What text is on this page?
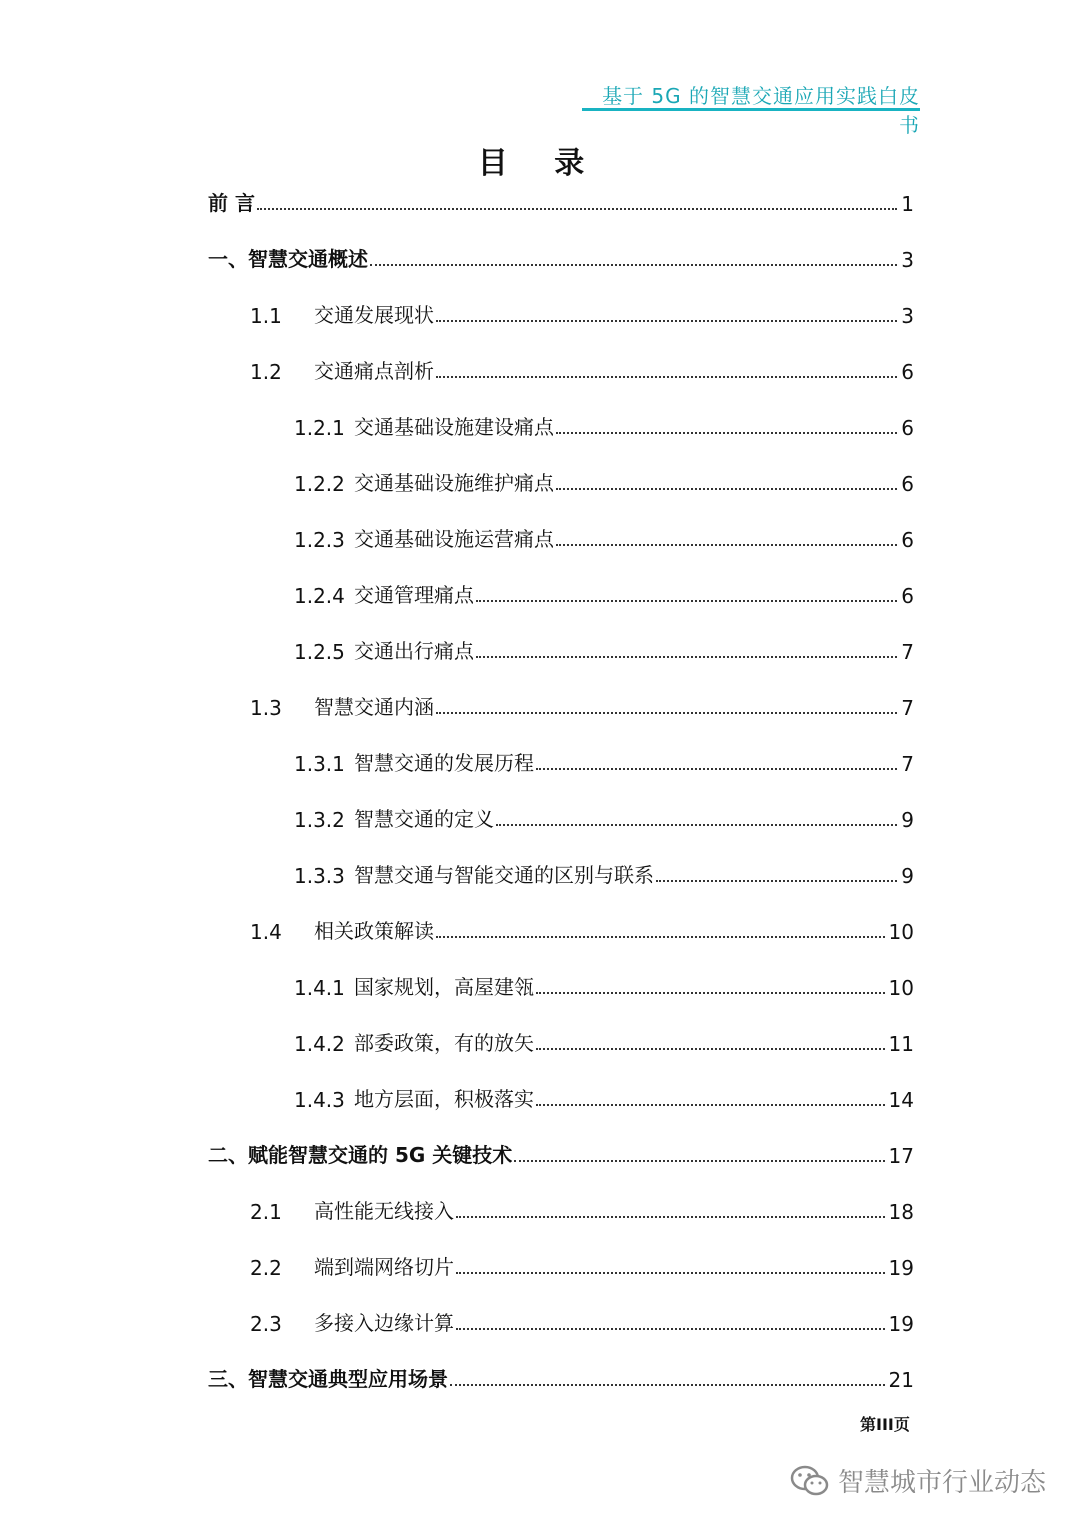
基于 5G 的智慧交通应用实践白皮书
目 录
前 言	1
一、智慧交通概述	3
1.1	交通发展现状	3
1.2	交通痛点剖析	6
1.2.1 交通基础设施建设痛点	6
1.2.2 交通基础设施维护痛点	6
1.2.3 交通基础设施运营痛点	6
1.2.4 交通管理痛点	6
1.2.5 交通出行痛点	7
1.3	智慧交通内涵	7
1.3.1 智慧交通的发展历程	7
1.3.2 智慧交通的定义	9
1.3.3 智慧交通与智能交通的区别与联系	9
1.4	相关政策解读	10
1.4.1 国家规划，高屋建瓴	10
1.4.2 部委政策，有的放矢	11
1.4.3 地方层面，积极落实	14
二、赋能智慧交通的 5G 关键技术	17
2.1	高性能无线接入	18
2.2	端到端网络切片	19
2.3	多接入边缘计算	19
三、智慧交通典型应用场景	21
第III页
智慧城市行业动态
